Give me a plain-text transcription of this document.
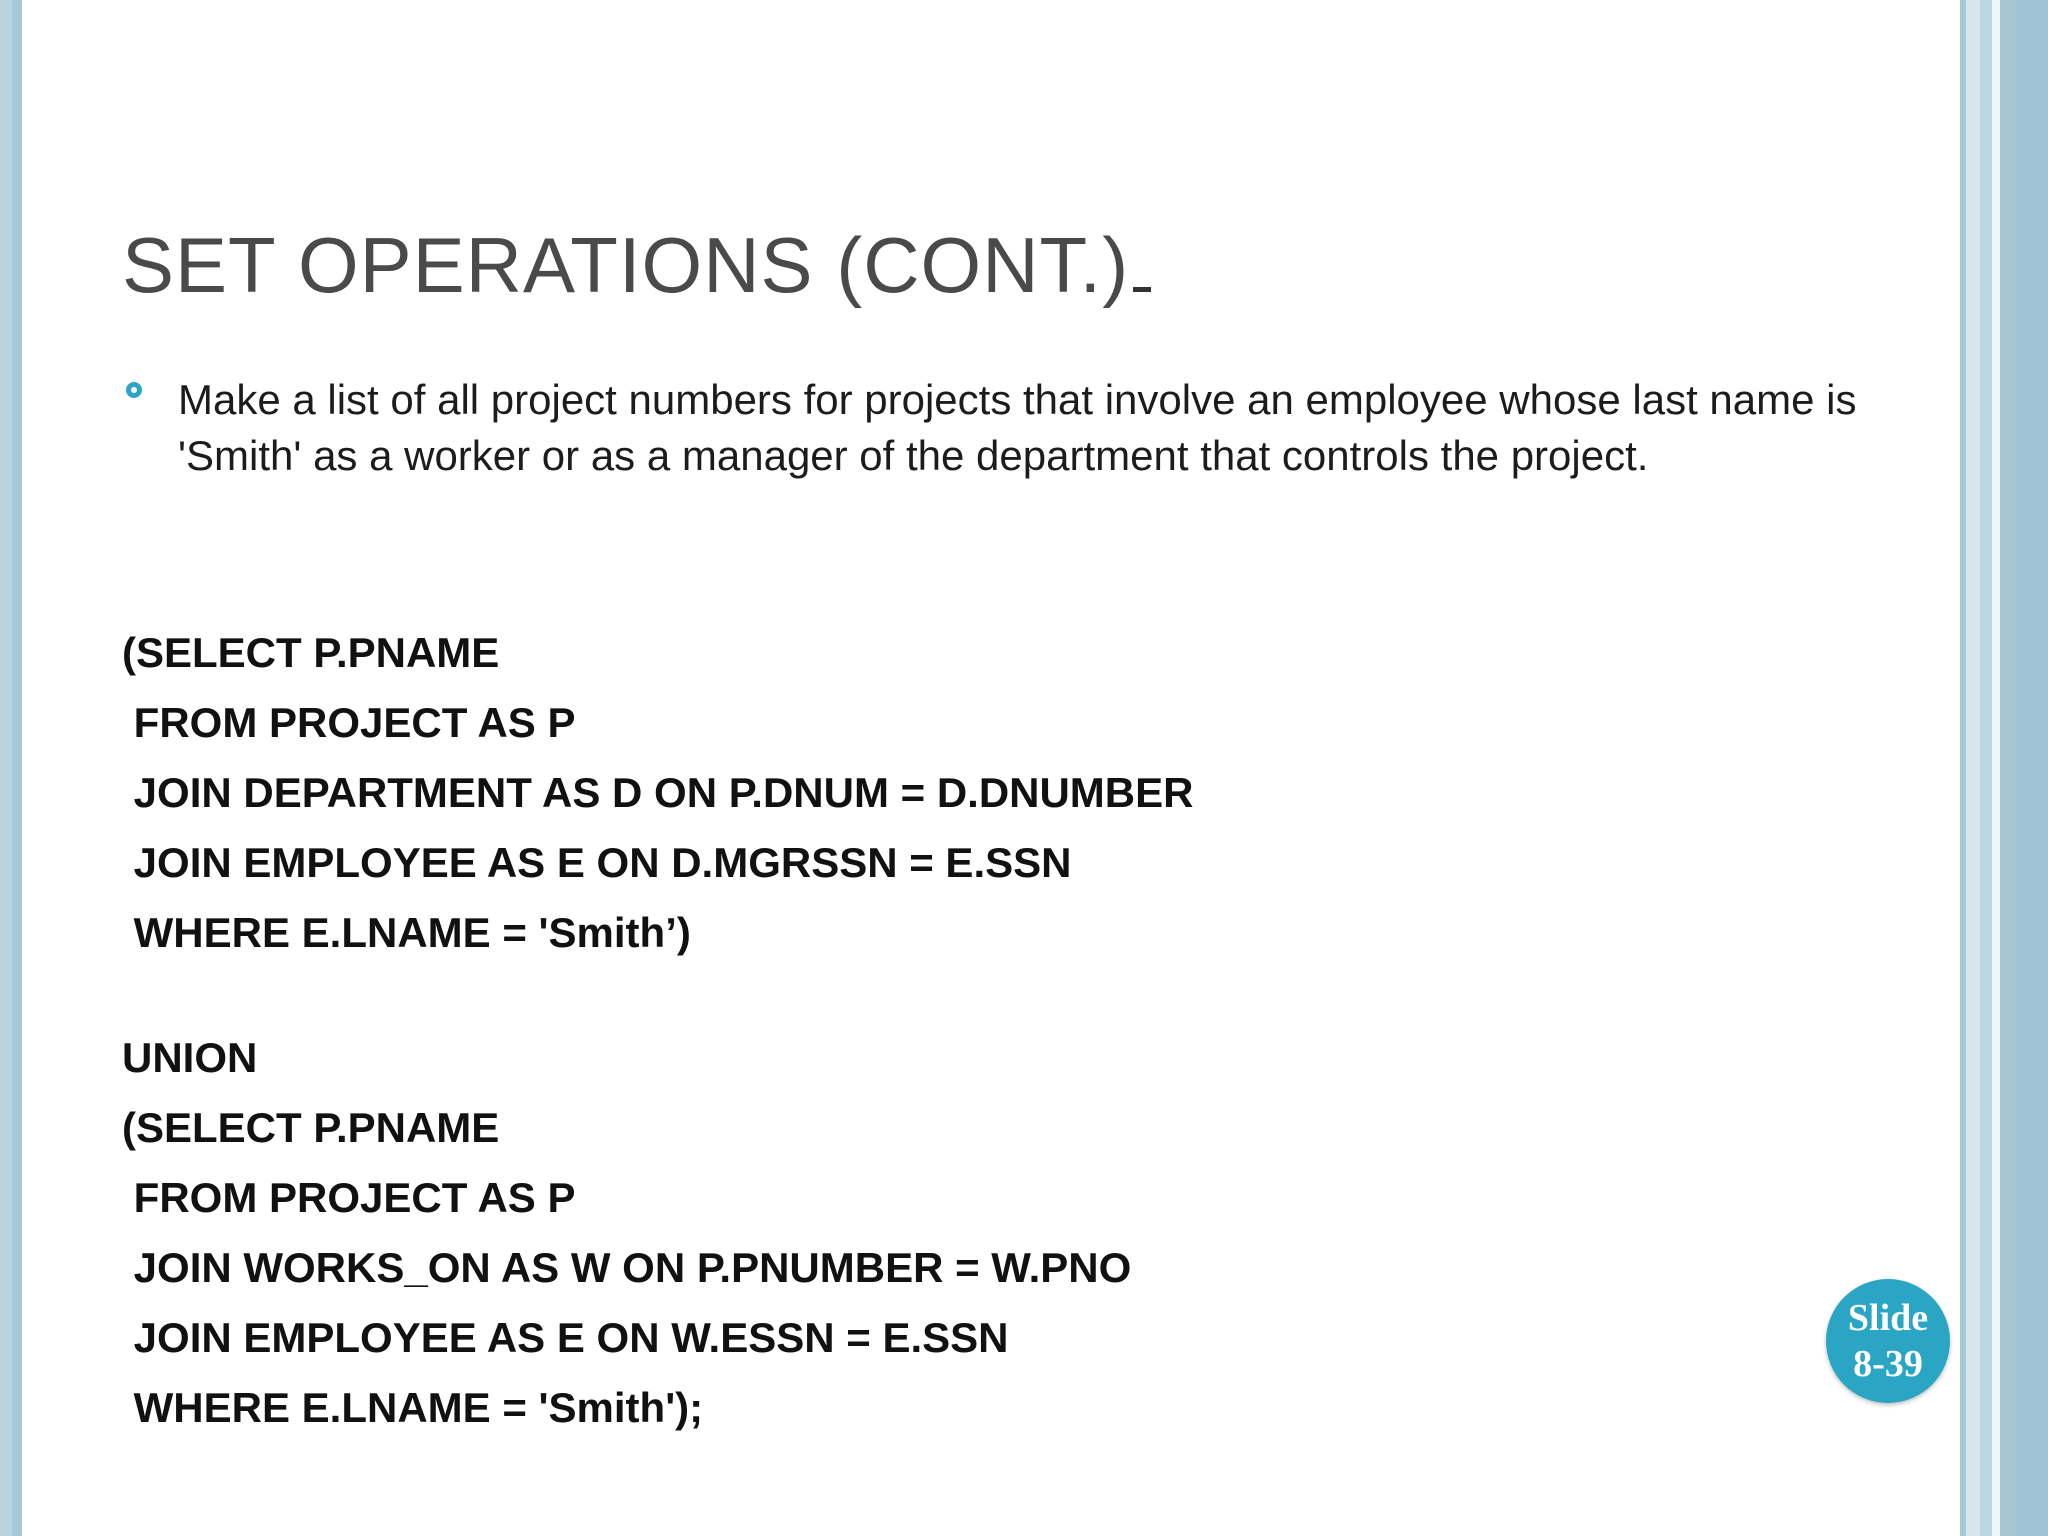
SET OPERATIONS (CONT.)
Make a list of all project numbers for projects that involve an employee whose last name is 'Smith' as a worker or as a manager of the department that controls the project.
(SELECT P.PNAME
FROM PROJECT AS P
JOIN DEPARTMENT AS D ON P.DNUM = D.DNUMBER
JOIN EMPLOYEE AS E ON D.MGRSSN = E.SSN
WHERE E.LNAME = 'Smith’)
UNION
(SELECT P.PNAME
FROM PROJECT AS P
JOIN WORKS_ON AS W ON P.PNUMBER = W.PNO
JOIN EMPLOYEE AS E ON W.ESSN = E.SSN
WHERE E.LNAME = 'Smith');
Slide
8-39
